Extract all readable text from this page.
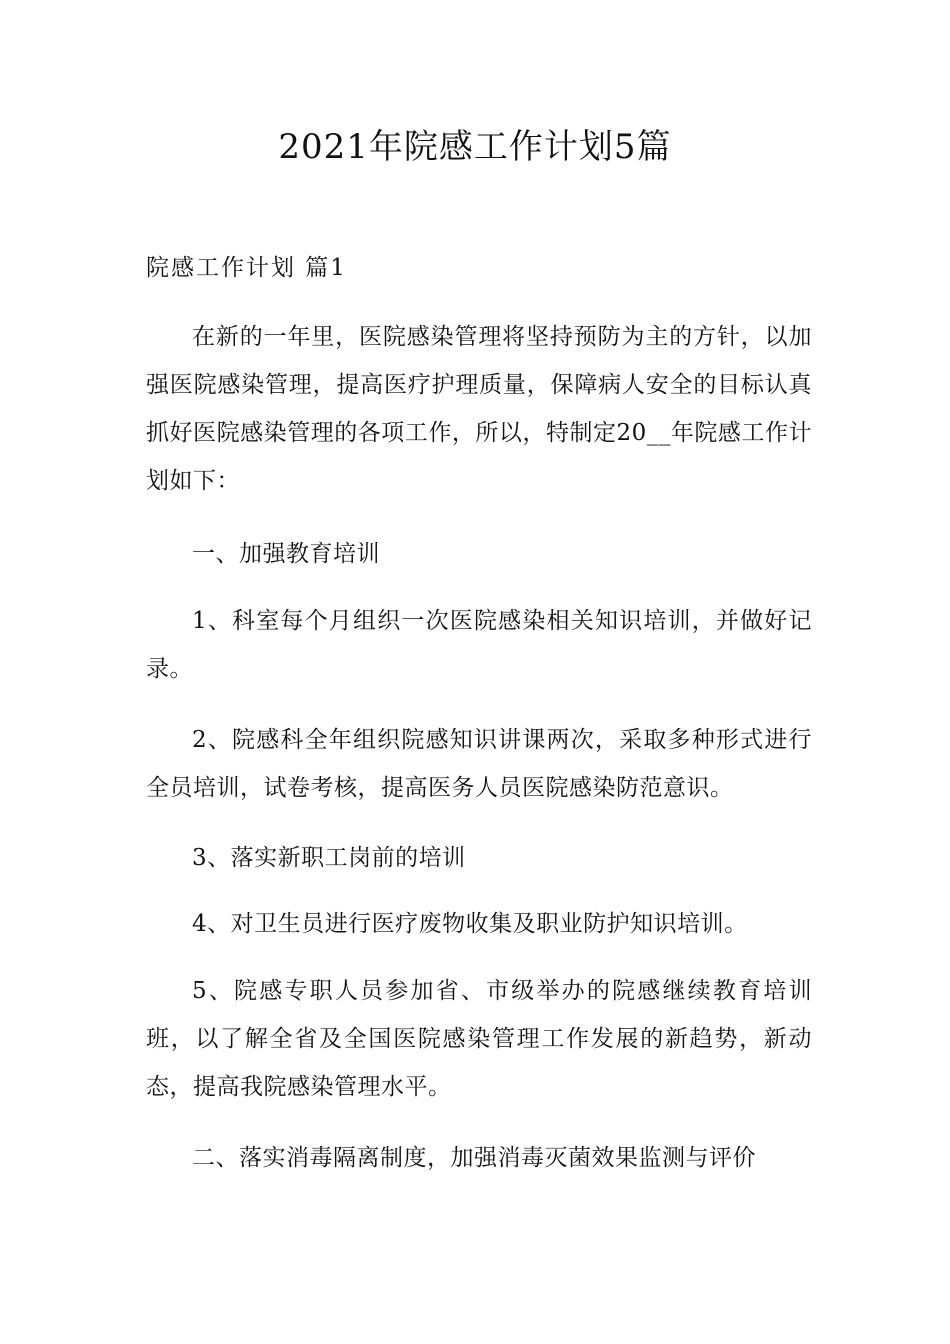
2021年院感工作计划5篇
院感工作计划 篇1

在新的一年里，医院感染管理将坚持预防为主的方针，以加强医院感染管理，提高医疗护理质量，保障病人安全的目标认真抓好医院感染管理的各项工作，所以，特制定20__年院感工作计划如下：

一、加强教育培训

1、科室每个月组织一次医院感染相关知识培训，并做好记录。

2、院感科全年组织院感知识讲课两次，采取多种形式进行全员培训，试卷考核，提高医务人员医院感染防范意识。

3、落实新职工岗前的培训

4、对卫生员进行医疗废物收集及职业防护知识培训。

5、院感专职人员参加省、市级举办的院感继续教育培训班，以了解全省及全国医院感染管理工作发展的新趋势，新动态，提高我院感染管理水平。

二、落实消毒隔离制度，加强消毒灭菌效果监测与评价
